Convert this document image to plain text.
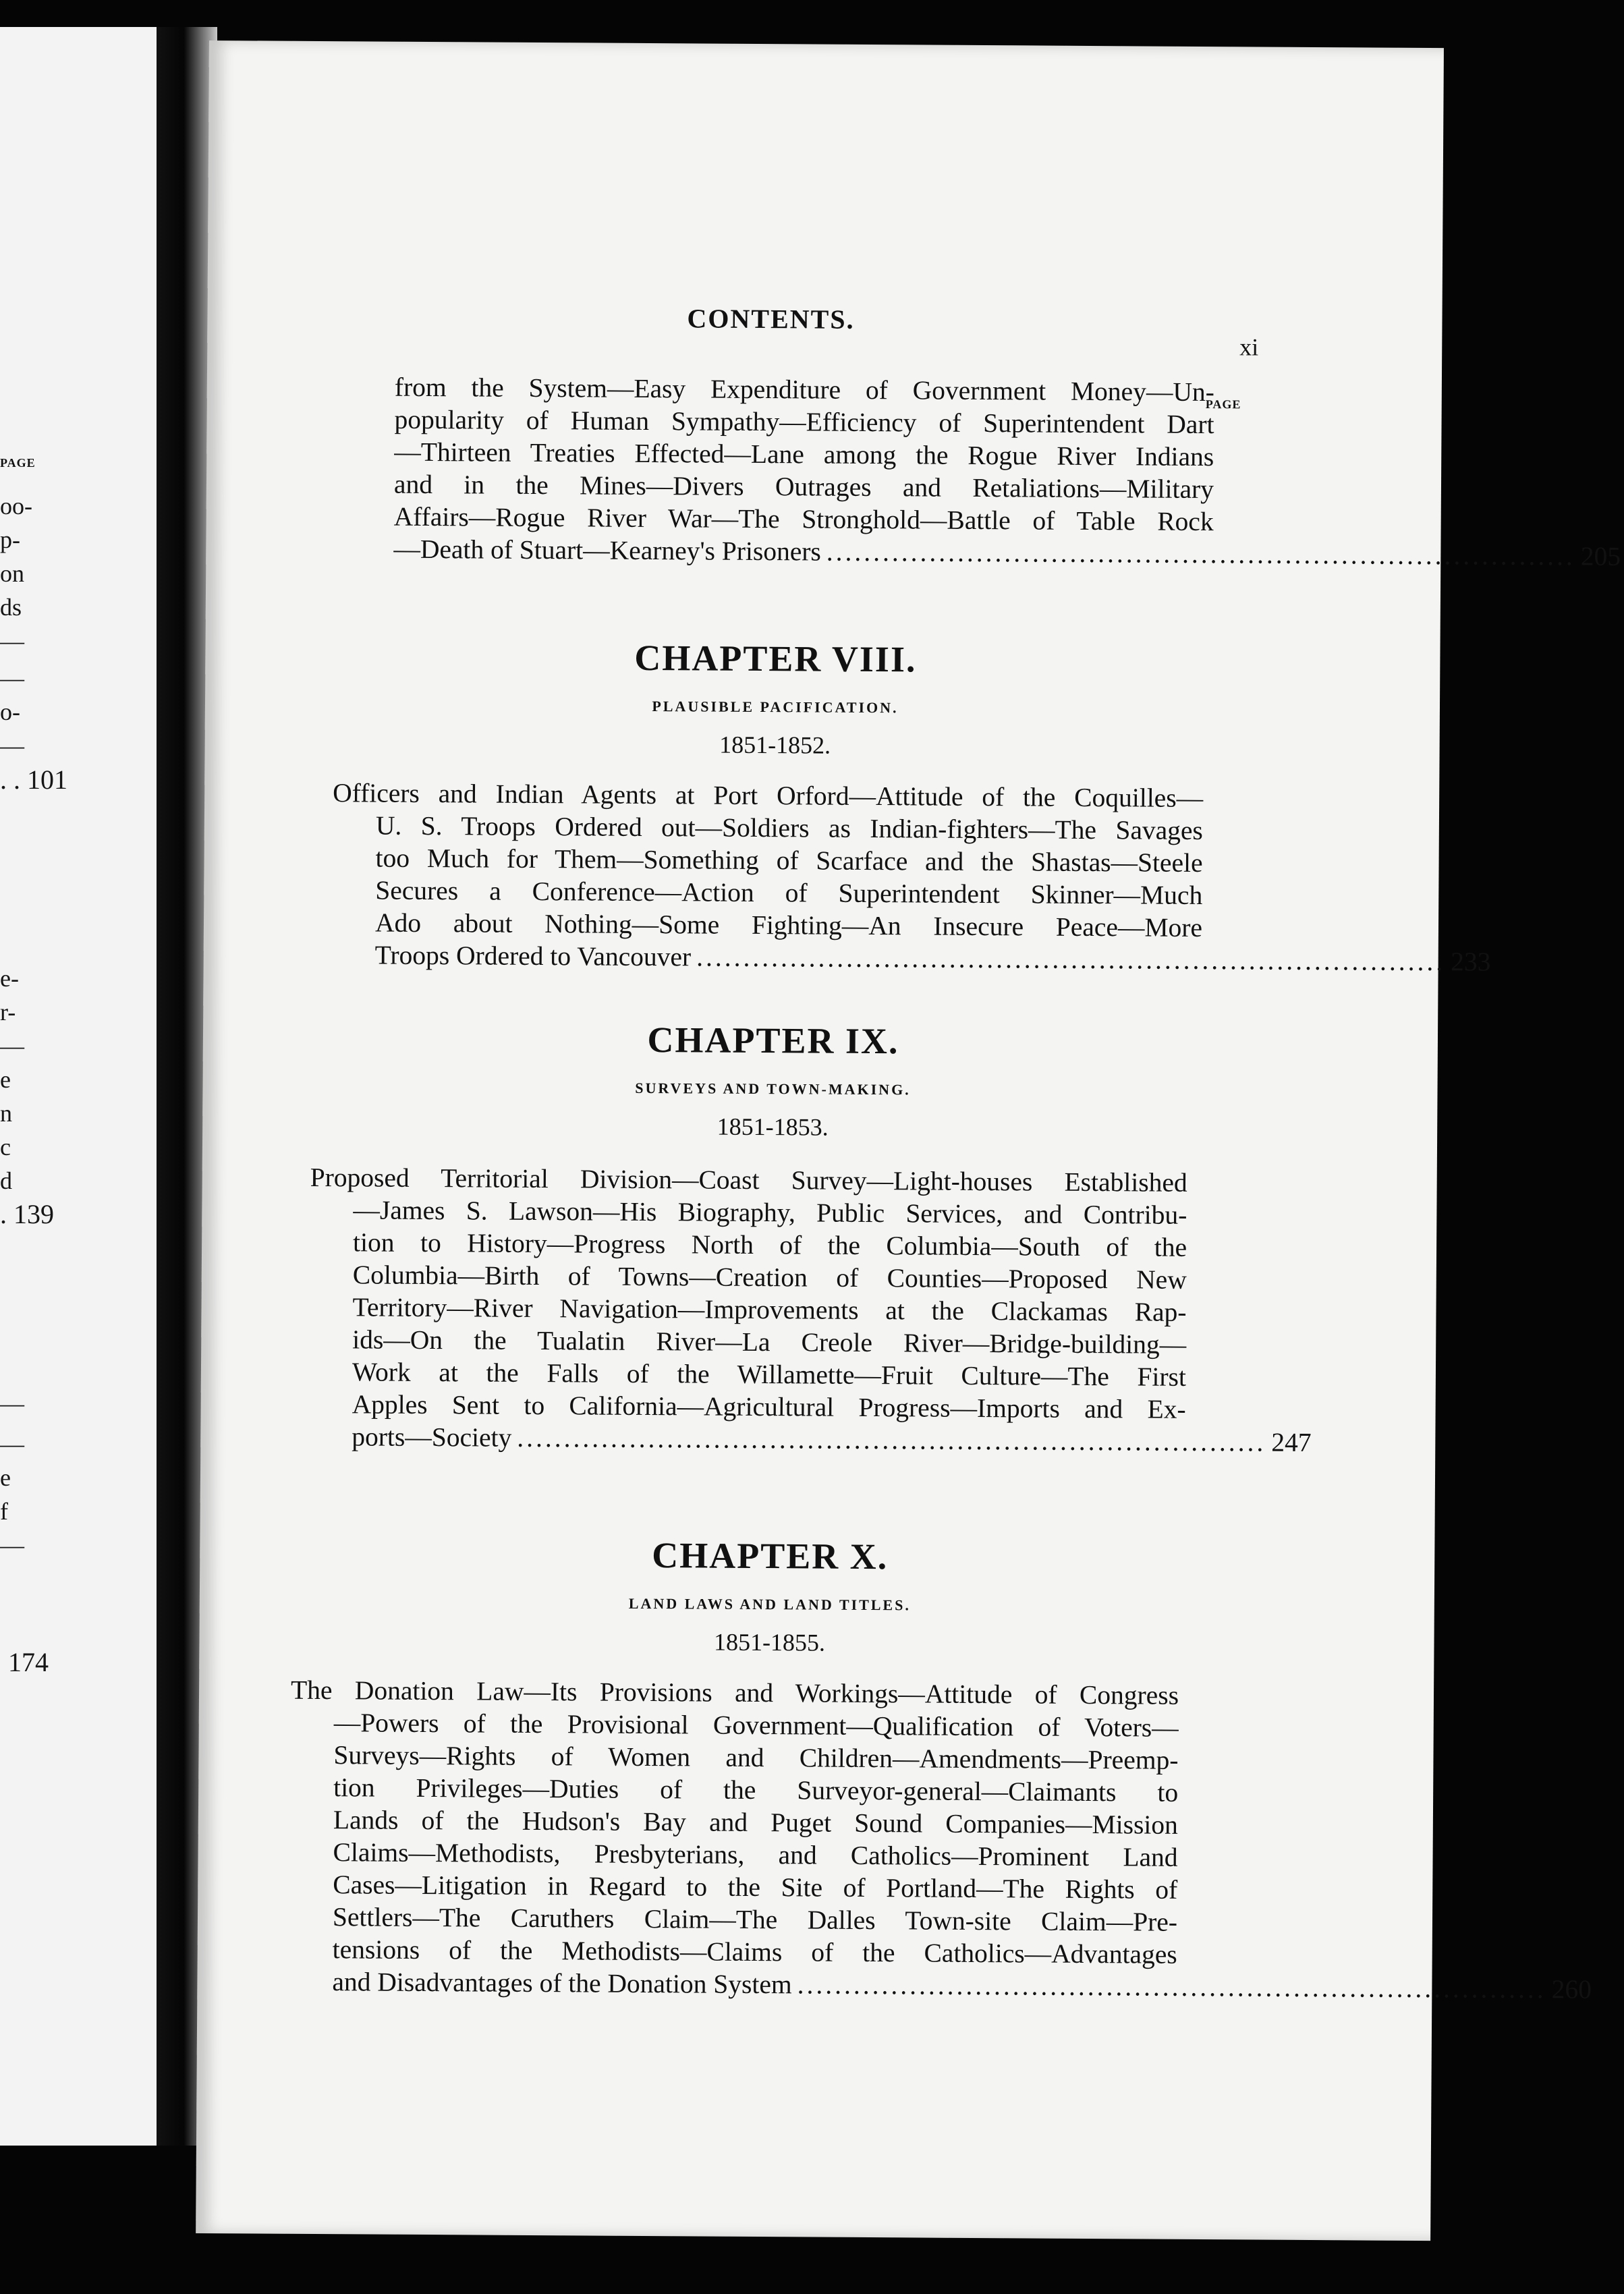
PAGE
oo-
p-
on
ds
—
—
o-
—
. . 101
e-
r-
—
e
n
c
d
. 139
—
—
e
f
—
174
CONTENTS.
xi
PAGE
from the System—Easy Expenditure of Government Money—Un-
popularity of Human Sympathy—Efficiency of Superintendent Dart
—Thirteen Treaties Effected—Lane among the Rogue River Indians
and in the Mines—Divers Outrages and Retaliations—Military
Affairs—Rogue River War—The Stronghold—Battle of Table Rock
—Death of Stuart—Kearney's Prisoners ................................................................................ 205
CHAPTER VIII.
PLAUSIBLE PACIFICATION.
1851-1852.
Officers and Indian Agents at Port Orford—Attitude of the Coquilles—
U. S. Troops Ordered out—Soldiers as Indian-fighters—The Savages
too Much for Them—Something of Scarface and the Shastas—Steele
Secures a Conference—Action of Superintendent Skinner—Much
Ado about Nothing—Some Fighting—An Insecure Peace—More
Troops Ordered to Vancouver ................................................................................ 233
CHAPTER IX.
SURVEYS AND TOWN-MAKING.
1851-1853.
Proposed Territorial Division—Coast Survey—Light-houses Established
—James S. Lawson—His Biography, Public Services, and Contribu-
tion to History—Progress North of the Columbia—South of the
Columbia—Birth of Towns—Creation of Counties—Proposed New
Territory—River Navigation—Improvements at the Clackamas Rap-
ids—On the Tualatin River—La Creole River—Bridge-building—
Work at the Falls of the Willamette—Fruit Culture—The First
Apples Sent to California—Agricultural Progress—Imports and Ex-
ports—Society ................................................................................ 247
CHAPTER X.
LAND LAWS AND LAND TITLES.
1851-1855.
The Donation Law—Its Provisions and Workings—Attitude of Congress
—Powers of the Provisional Government—Qualification of Voters—
Surveys—Rights of Women and Children—Amendments—Preemp-
tion Privileges—Duties of the Surveyor-general—Claimants to
Lands of the Hudson's Bay and Puget Sound Companies—Mission
Claims—Methodists, Presbyterians, and Catholics—Prominent Land
Cases—Litigation in Regard to the Site of Portland—The Rights of
Settlers—The Caruthers Claim—The Dalles Town-site Claim—Pre-
tensions of the Methodists—Claims of the Catholics—Advantages
and Disadvantages of the Donation System ................................................................................ 260
